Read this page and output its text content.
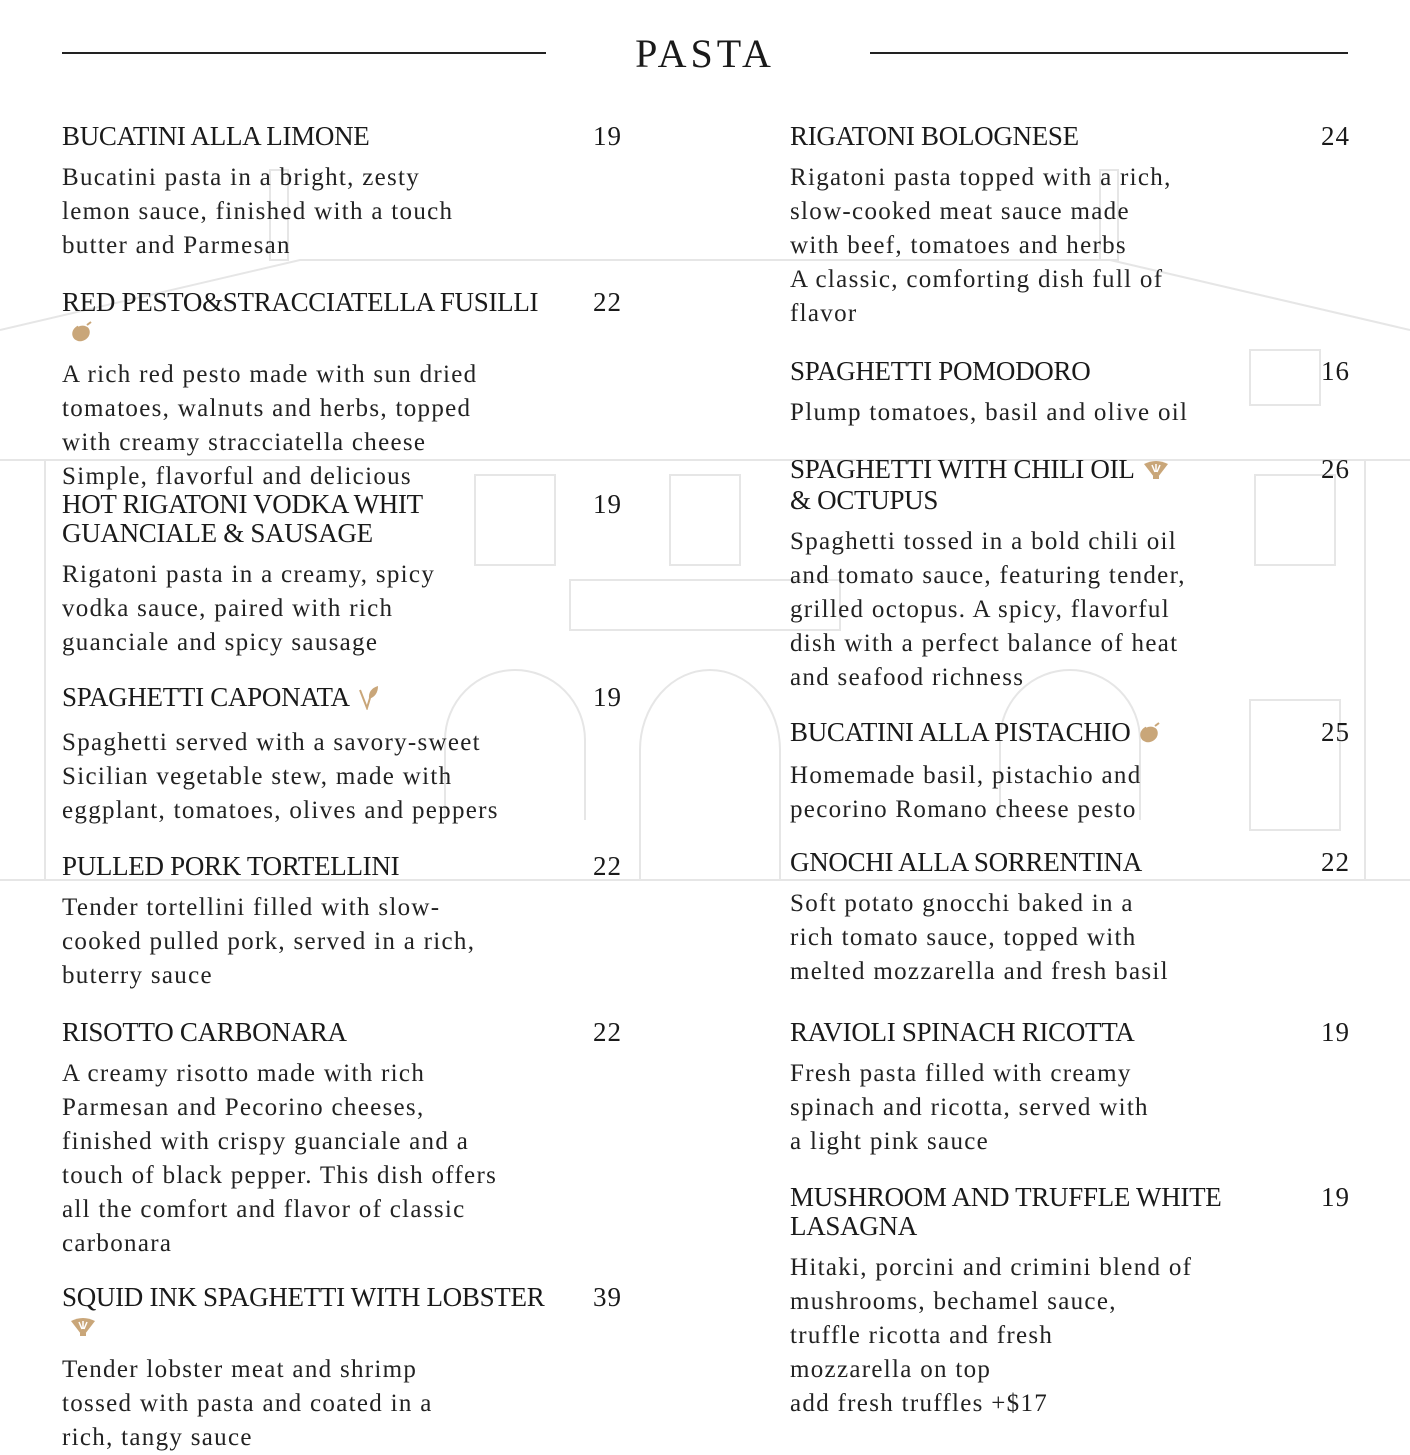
PASTA
BUCATINI ALLA LIMONE	19
Bucatini pasta in a bright, zesty
lemon sauce, finished with a touch
butter and Parmesan
RED PESTO&STRACCIATELLA FUSILLI	22
A rich red pesto made with sun dried
tomatoes, walnuts and herbs, topped
with creamy stracciatella cheese
Simple, flavorful and delicious
HOT RIGATONI VODKA WHIT
GUANCIALE & SAUSAGE
19
Rigatoni pasta in a creamy, spicy
vodka sauce, paired with rich
guanciale and spicy sausage
SPAGHETTI CAPONATA	19
Spaghetti served with a savory-sweet
Sicilian vegetable stew, made with
eggplant, tomatoes, olives and peppers
PULLED PORK TORTELLINI	22
Tender tortellini filled with slow-
cooked pulled pork, served in a rich,
buterry sauce
RISOTTO CARBONARA	22
A creamy risotto made with rich
Parmesan and Pecorino cheeses,
finished with crispy guanciale and a
touch of black pepper. This dish offers
all the comfort and flavor of classic
carbonara
SQUID INK SPAGHETTI WITH LOBSTER 39
Tender lobster meat and shrimp
tossed with pasta and coated in a
rich, tangy sauce
RIGATONI BOLOGNESE	24
Rigatoni pasta topped with a rich,
slow-cooked meat sauce made
with beef, tomatoes and herbs
A classic, comforting dish full of
flavor
SPAGHETTI POMODORO	16
Plump tomatoes, basil and olive oil
SPAGHETTI WITH CHILI OIL
& OCTUPUS
26
Spaghetti tossed in a bold chili oil
and tomato sauce, featuring tender,
grilled octopus. A spicy, flavorful
dish with a perfect balance of heat
and seafood richness
BUCATINI ALLA PISTACHIO	25
Homemade basil, pistachio and
pecorino Romano cheese pesto
GNOCHI ALLA SORRENTINA	22
Soft potato gnocchi baked in a
rich tomato sauce, topped with
melted mozzarella and fresh basil
RAVIOLI SPINACH RICOTTA	19
Fresh pasta filled with creamy
spinach and ricotta, served with
a light pink sauce
MUSHROOM AND TRUFFLE WHITE
LASAGNA
19
Hitaki, porcini and crimini blend of
mushrooms, bechamel sauce,
truffle ricotta and fresh
mozzarella on top
add fresh truffles +$17
